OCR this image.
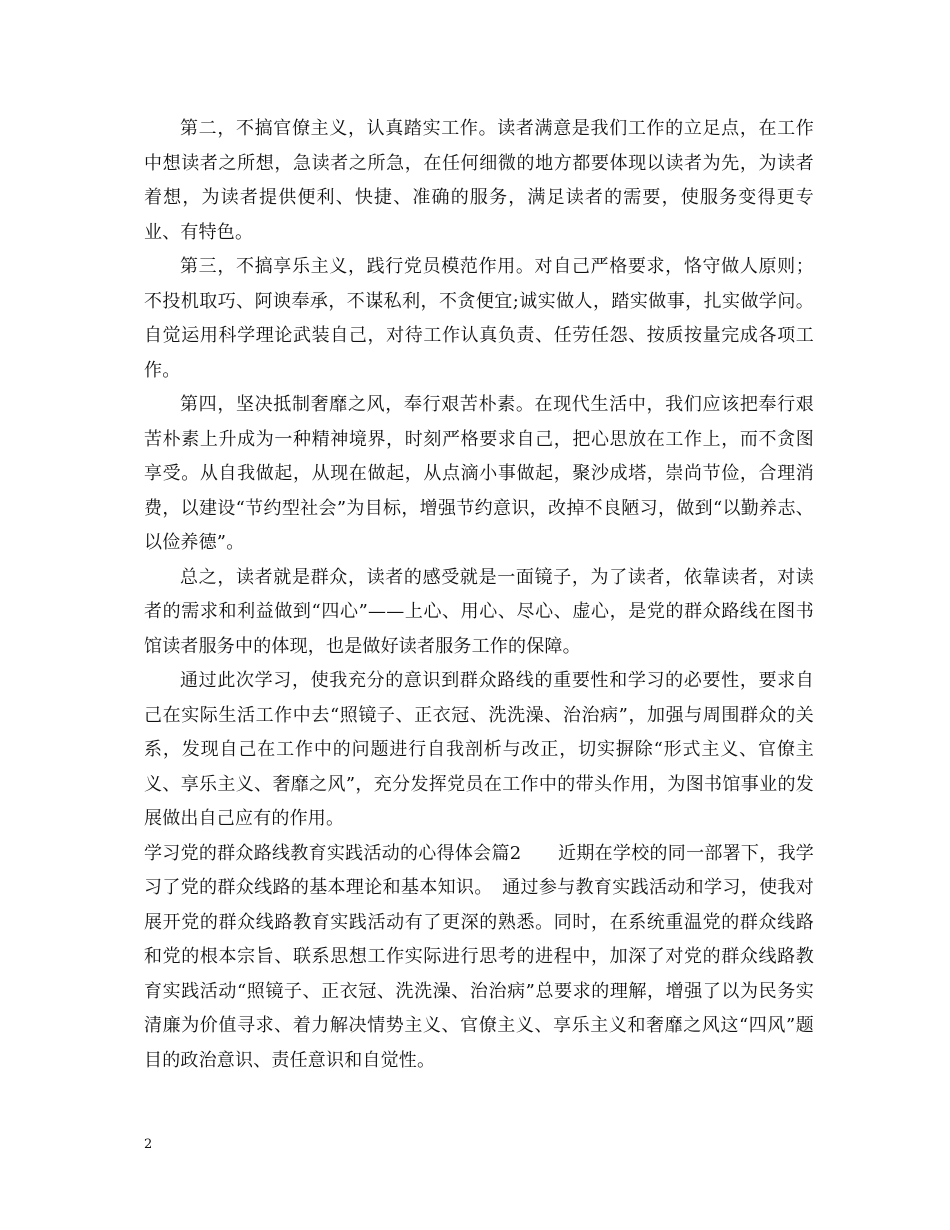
第二，不搞官僚主义，认真踏实工作。读者满意是我们工作的立足点，在工作中想读者之所想，急读者之所急，在任何细微的地方都要体现以读者为先，为读者着想，为读者提供便利、快捷、准确的服务，满足读者的需要，使服务变得更专业、有特色。

第三，不搞享乐主义，践行党员模范作用。对自己严格要求，恪守做人原则；不投机取巧、阿谀奉承，不谋私利，不贪便宜;诚实做人，踏实做事，扎实做学问。自觉运用科学理论武装自己，对待工作认真负责、任劳任怨、按质按量完成各项工作。

第四，坚决抵制奢靡之风，奉行艰苦朴素。在现代生活中，我们应该把奉行艰苦朴素上升成为一种精神境界，时刻严格要求自己，把心思放在工作上，而不贪图享受。从自我做起，从现在做起，从点滴小事做起，聚沙成塔，崇尚节俭，合理消费，以建设“节约型社会”为目标，增强节约意识，改掉不良陋习，做到“以勤养志、以俭养德”。

总之，读者就是群众，读者的感受就是一面镜子，为了读者，依靠读者，对读者的需求和利益做到“四心”——上心、用心、尽心、虚心，是党的群众路线在图书馆读者服务中的体现，也是做好读者服务工作的保障。

通过此次学习，使我充分的意识到群众路线的重要性和学习的必要性，要求自己在实际生活工作中去“照镜子、正衣冠、洗洗澡、治治病”，加强与周围群众的关系，发现自己在工作中的问题进行自我剖析与改正，切实摒除“形式主义、官僚主义、享乐主义、奢靡之风”，充分发挥党员在工作中的带头作用，为图书馆事业的发展做出自己应有的作用。

学习党的群众路线教育实践活动的心得体会篇2　　近期在学校的同一部署下，我学习了党的群众线路的基本理论和基本知识。　通过参与教育实践活动和学习，使我对展开党的群众线路教育实践活动有了更深的熟悉。同时，在系统重温党的群众线路和党的根本宗旨、联系思想工作实际进行思考的进程中，加深了对党的群众线路教育实践活动“照镜子、正衣冠、洗洗澡、治治病”总要求的理解，增强了以为民务实清廉为价值寻求、着力解决情势主义、官僚主义、享乐主义和奢靡之风这“四风”题目的政治意识、责任意识和自觉性。

2
